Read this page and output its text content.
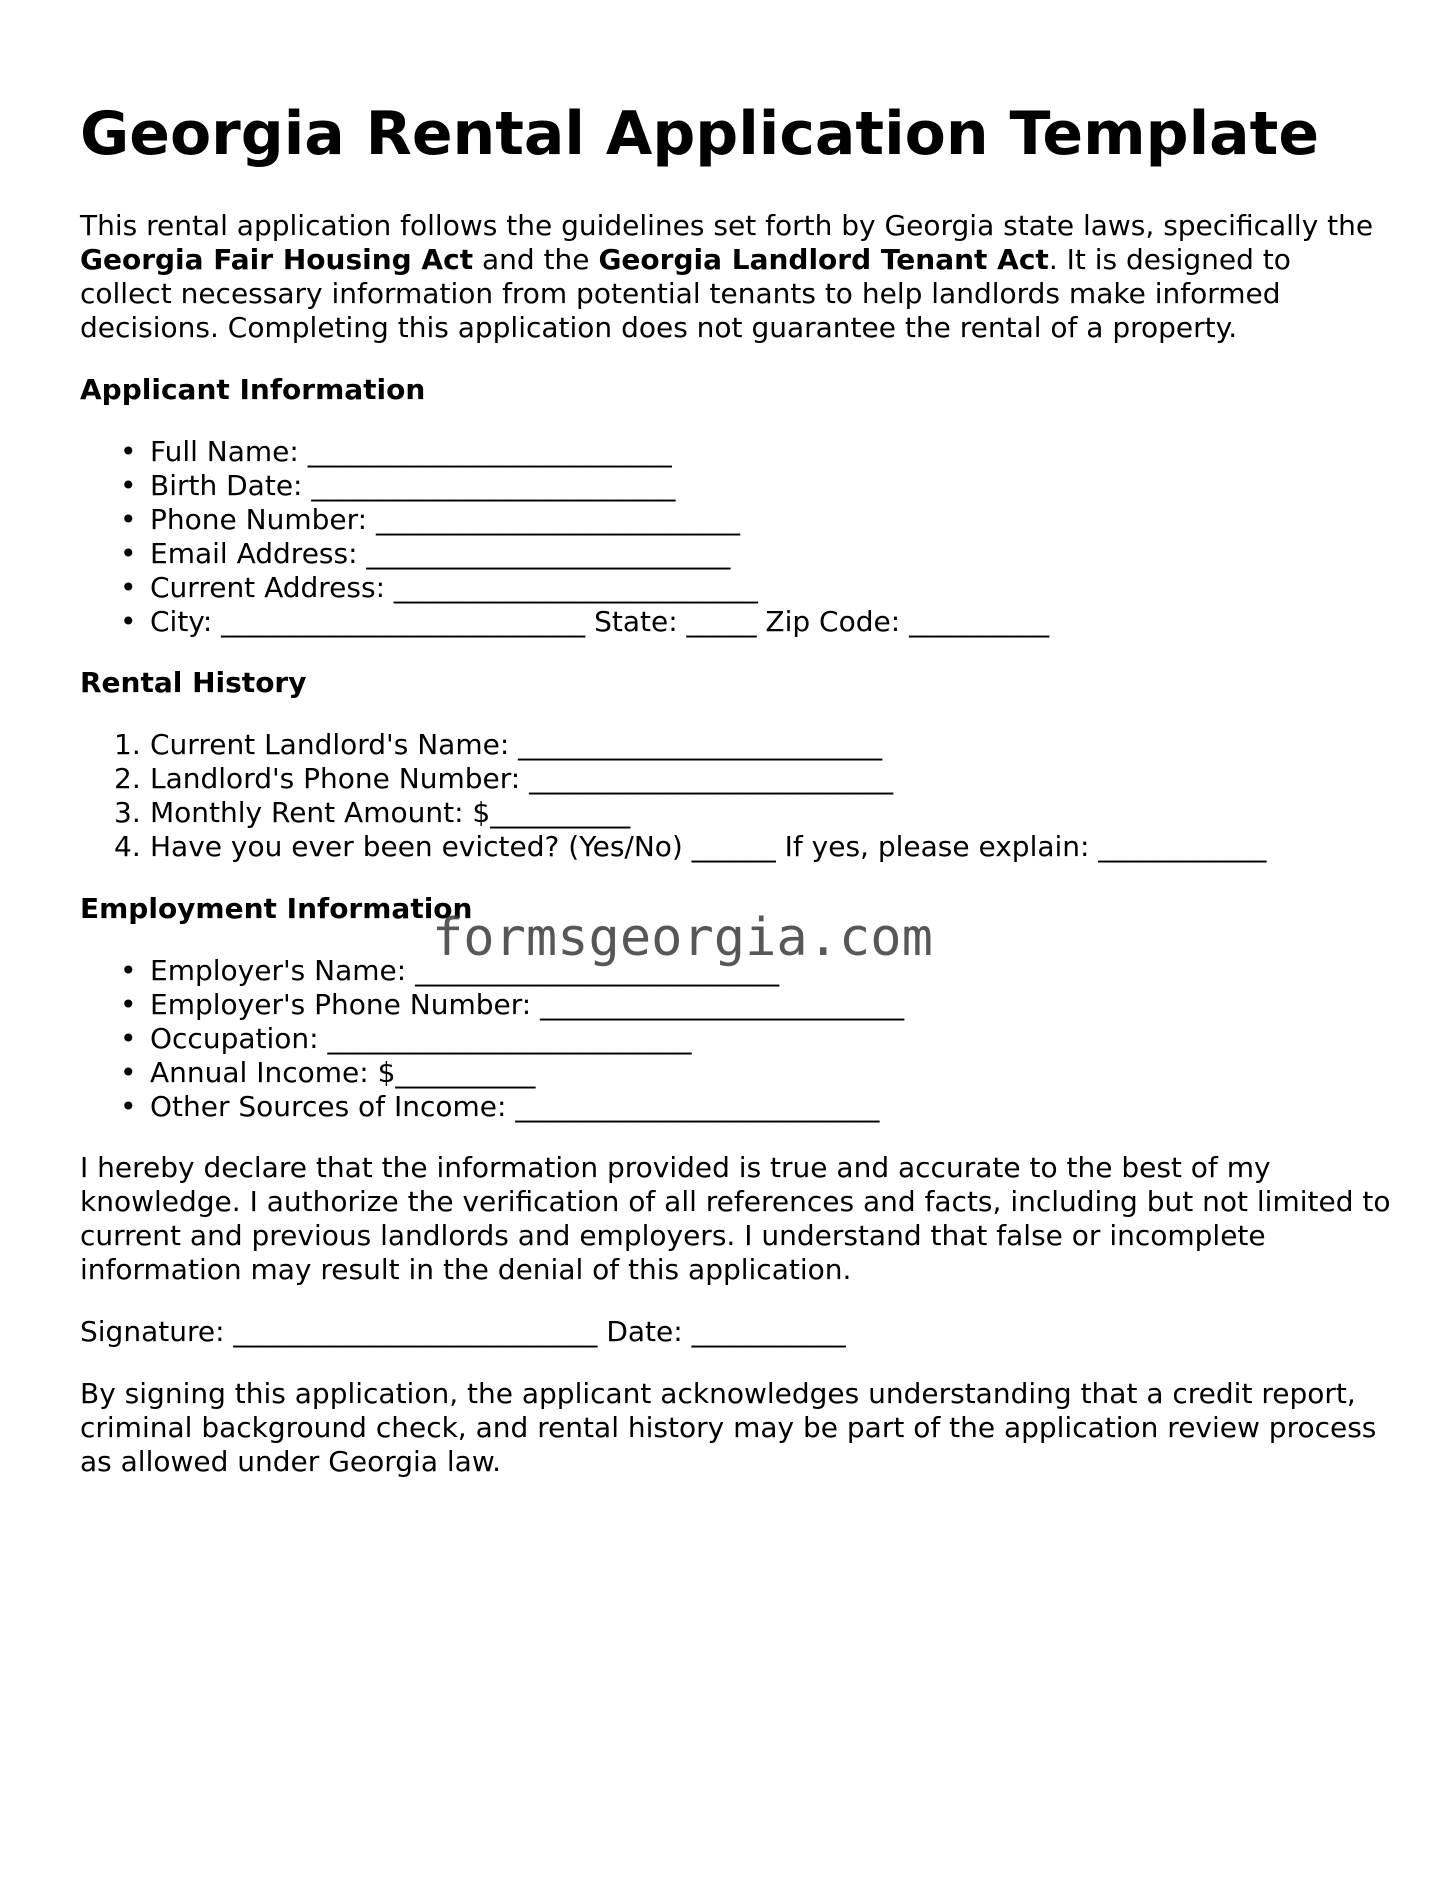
Georgia Rental Application Template

This rental application follows the guidelines set forth by Georgia state laws, specifically the Georgia Fair Housing Act and the Georgia Landlord Tenant Act. It is designed to collect necessary information from potential tenants to help landlords make informed decisions. Completing this application does not guarantee the rental of a property.

Applicant Information
• Full Name: __________________________
• Birth Date: __________________________
• Phone Number: __________________________
• Email Address: __________________________
• Current Address: __________________________
• City: __________________________ State: _____ Zip Code: __________
Rental History
1. Current Landlord's Name: __________________________
2. Landlord's Phone Number: __________________________
3. Monthly Rent Amount: $__________
4. Have you ever been evicted? (Yes/No) ______ If yes, please explain: ____________
Employment Information
• Employer's Name: __________________________
• Employer's Phone Number: __________________________
• Occupation: __________________________
• Annual Income: $__________
• Other Sources of Income: __________________________

I hereby declare that the information provided is true and accurate to the best of my knowledge. I authorize the verification of all references and facts, including but not limited to current and previous landlords and employers. I understand that false or incomplete information may result in the denial of this application.

Signature: __________________________ Date: ___________

By signing this application, the applicant acknowledges understanding that a credit report, criminal background check, and rental history may be part of the application review process as allowed under Georgia law.

formsgeorgia.com
